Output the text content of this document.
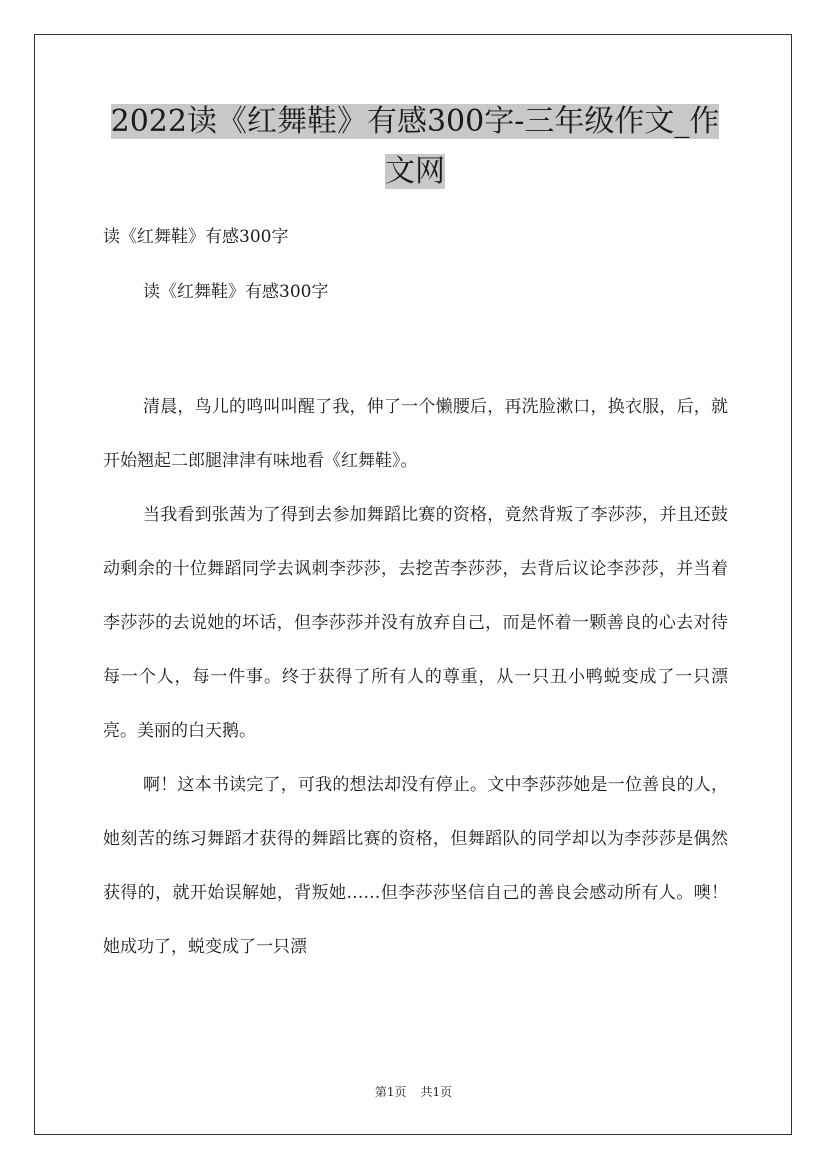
2022读《红舞鞋》有感300字-三年级作文_作文网
读《红舞鞋》有感300字
读《红舞鞋》有感300字

清晨，鸟儿的鸣叫叫醒了我，伸了一个懒腰后，再洗脸漱口，换衣服，后，就开始翘起二郎腿津津有味地看《红舞鞋》。

当我看到张茜为了得到去参加舞蹈比赛的资格，竟然背叛了李莎莎，并且还鼓动剩余的十位舞蹈同学去讽刺李莎莎，去挖苦李莎莎，去背后议论李莎莎，并当着李莎莎的去说她的坏话，但李莎莎并没有放弃自己，而是怀着一颗善良的心去对待每一个人，每一件事。终于获得了所有人的尊重，从一只丑小鸭蜕变成了一只漂亮。美丽的白天鹅。

啊！这本书读完了，可我的想法却没有停止。文中李莎莎她是一位善良的人，她刻苦的练习舞蹈才获得的舞蹈比赛的资格，但舞蹈队的同学却以为李莎莎是偶然获得的，就开始误解她，背叛她……但李莎莎坚信自己的善良会感动所有人。噢！她成功了，蜕变成了一只漂

第1页 共1页
